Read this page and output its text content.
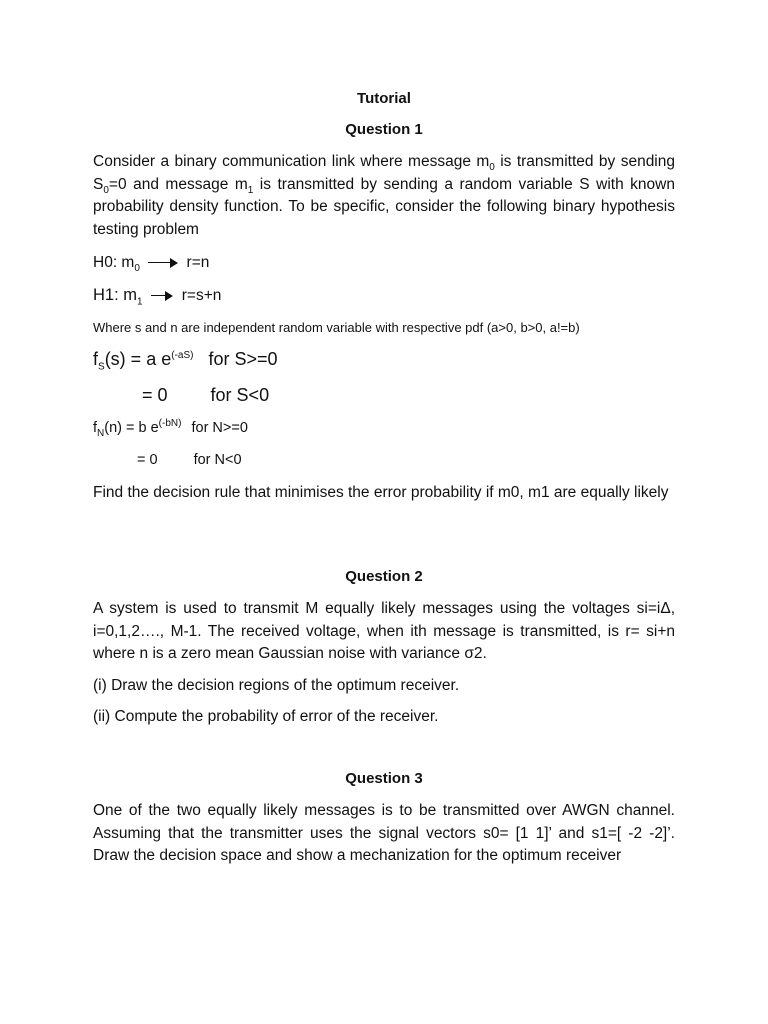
Tutorial
Question 1
Consider a binary communication link where message $m_0$ is transmitted by sending $S_0=0$ and message $m_1$ is transmitted by sending a random variable S with known probability density function. To be specific, consider the following binary hypothesis testing problem
H0: $m_0$	r=n
H1: $m_1$	r=s+n
Where s and n are independent random variable with respective pdf (a>0, b>0, a!=b)
$f_S(s) = a$ $e^{(-aS)}$ for S>=0
= 0 for S<0
$f_N(n) = b$ $e^{(-bN)}$ for N>=0
= 0 for N<0
Find the decision rule that minimises the error probability if m0, m1 are equally likely
Question 2
A system is used to transmit M equally likely messages using the voltages si=iΔ, i=0,1,2…., M-1. The received voltage, when ith message is transmitted, is r= si+n where n is a zero mean Gaussian noise with variance σ2.
(i) Draw the decision regions of the optimum receiver.
(ii) Compute the probability of error of the receiver.
Question 3
One of the two equally likely messages is to be transmitted over AWGN channel. Assuming that the transmitter uses the signal vectors s0= [1 1]’ and s1=[ -2 -2]’. Draw the decision space and show a mechanization for the optimum receiver
